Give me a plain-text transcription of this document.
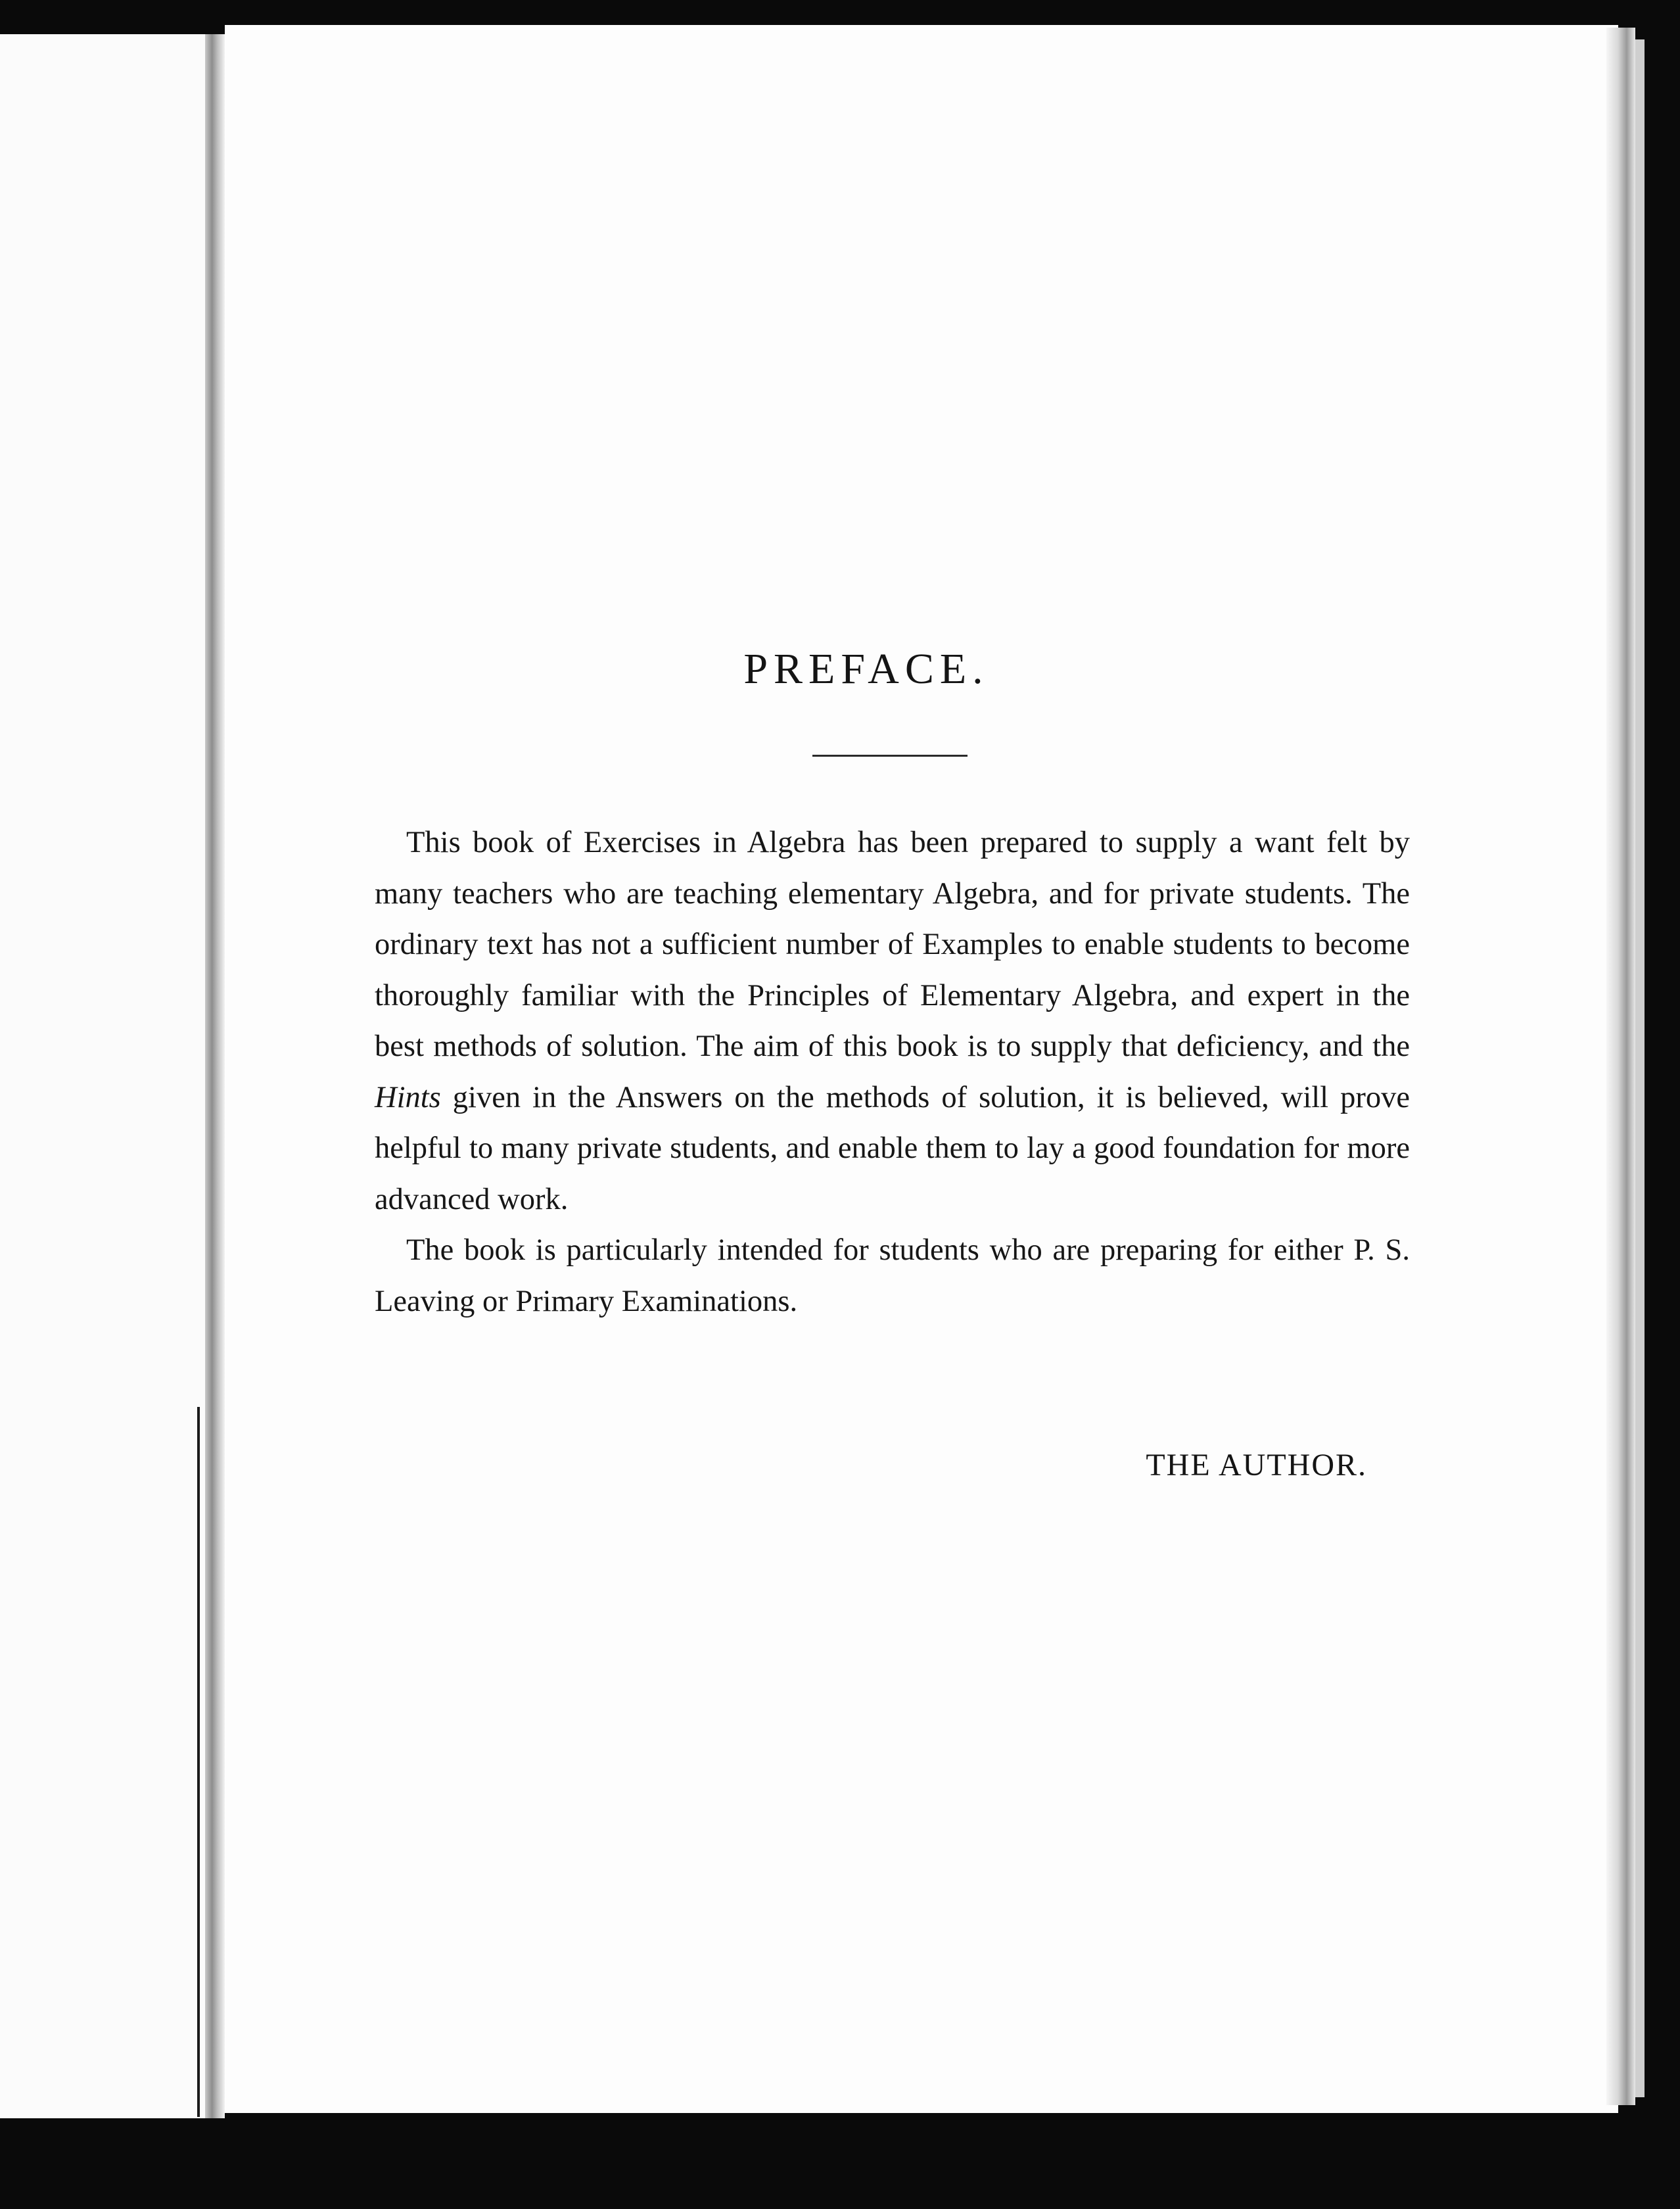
PREFACE.

This book of Exercises in Algebra has been prepared to supply a want felt by many teachers who are teaching elementary Algebra, and for private students. The ordinary text has not a sufficient number of Examples to enable students to become thoroughly familiar with the Principles of Elementary Algebra, and expert in the best methods of solution. The aim of this book is to supply that deficiency, and the Hints given in the Answers on the methods of solution, it is believed, will prove helpful to many private students, and enable them to lay a good foundation for more advanced work.

The book is particularly intended for students who are preparing for either P. S. Leaving or Primary Examinations.

THE AUTHOR.
